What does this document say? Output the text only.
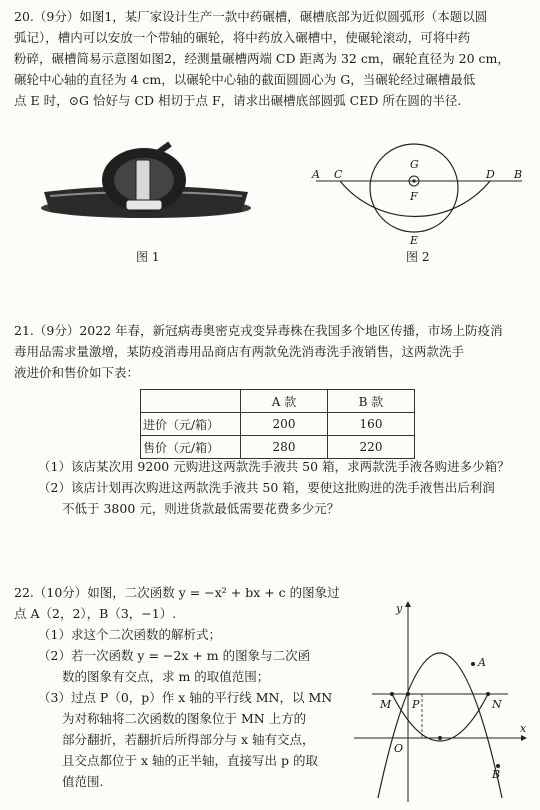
20.（9分）如图1，某厂家设计生产一款中药碾槽，碾槽底部为近似圆弧形（本题以圆

弧记），槽内可以安放一个带轴的碾轮，将中药放入碾槽中，使碾轮滚动，可将中药

粉碎，碾槽简易示意图如图2，经测量碾槽两端 CD 距离为 32 cm，碾轮直径为 20 cm，

碾轮中心轴的直径为 4 cm，以碾轮中心轴的截面圆圆心为 G，当碾轮经过碾槽最低

点 E 时，⊙G 恰好与 CD 相切于点 F，请求出碾槽底部圆弧 CED 所在圆的半径.

图 1
A C
G
F
D B
E
图 2

21.（9分）2022 年春，新冠病毒奥密克戎变异毒株在我国多个地区传播，市场上防疫消

毒用品需求量激增，某防疫消毒用品商店有两款免洗消毒洗手液销售，这两款洗手

液进价和售价如下表：

	A 款	B 款
进价（元/箱）	200	160
售价（元/箱）	280	220

（1）该店某次用 9200 元购进这两款洗手液共 50 箱，求两款洗手液各购进多少箱？

（2）该店计划再次购进这两款洗手液共 50 箱，要使这批购进的洗手液售出后利润

不低于 3800 元，则进货款最低需要花费多少元？

22.（10分）如图，二次函数 y = −x² + bx + c 的图象过

点 A（2，2），B（3，−1）.

（1）求这个二次函数的解析式；

（2）若一次函数 y = −2x + m 的图象与二次函

数的图象有交点，求 m 的取值范围；

（3）过点 P（0，p）作 x 轴的平行线 MN，以 MN

为对称轴将二次函数的图象位于 MN 上方的

部分翻折，若翻折后所得部分与 x 轴有交点，

且交点都位于 x 轴的正半轴，直接写出 p 的取

值范围.

y
x
O
M P	N
A
B
